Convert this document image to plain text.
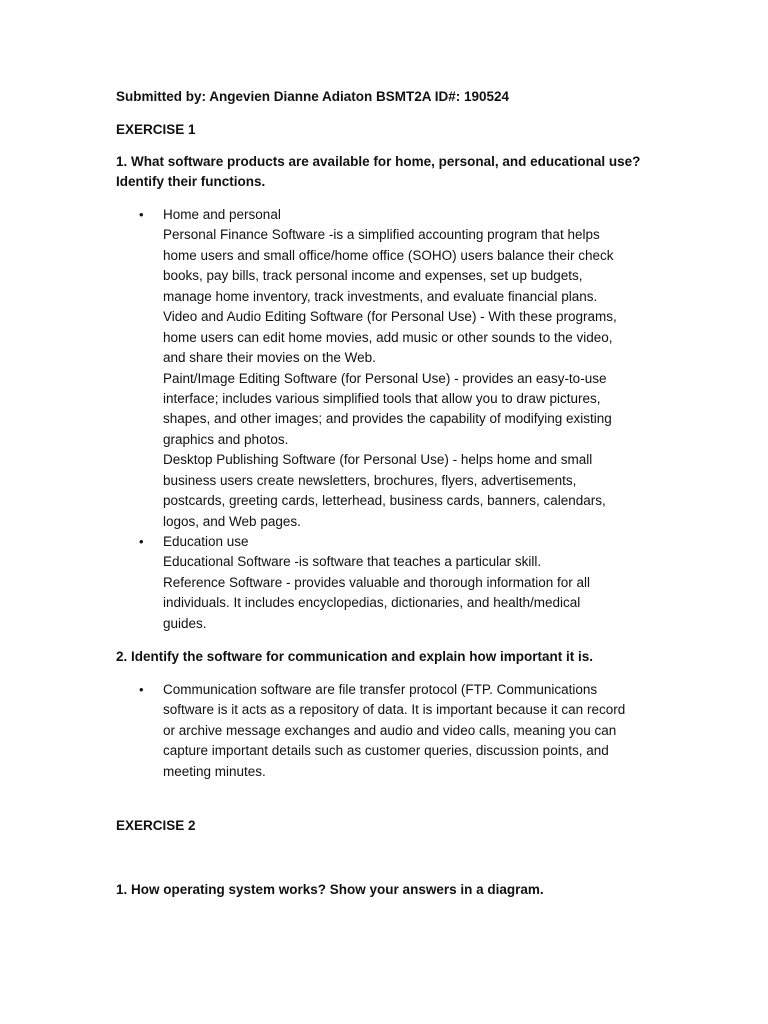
Submitted by: Angevien Dianne Adiaton BSMT2A ID#: 190524
EXERCISE 1
1. What software products are available for home, personal, and educational use?
Identify their functions.
• Home and personal
Personal Finance Software -is a simplified accounting program that helps
home users and small office/home office (SOHO) users balance their check
books, pay bills, track personal income and expenses, set up budgets,
manage home inventory, track investments, and evaluate financial plans.
Video and Audio Editing Software (for Personal Use) - With these programs,
home users can edit home movies, add music or other sounds to the video,
and share their movies on the Web.
Paint/Image Editing Software (for Personal Use) - provides an easy-to-use
interface; includes various simplified tools that allow you to draw pictures,
shapes, and other images; and provides the capability of modifying existing
graphics and photos.
Desktop Publishing Software (for Personal Use) - helps home and small
business users create newsletters, brochures, flyers, advertisements,
postcards, greeting cards, letterhead, business cards, banners, calendars,
logos, and Web pages.
• Education use
Educational Software -is software that teaches a particular skill.
Reference Software - provides valuable and thorough information for all
individuals. It includes encyclopedias, dictionaries, and health/medical
guides.
2. Identify the software for communication and explain how important it is.
• Communication software are file transfer protocol (FTP. Communications
software is it acts as a repository of data. It is important because it can record
or archive message exchanges and audio and video calls, meaning you can
capture important details such as customer queries, discussion points, and
meeting minutes.
EXERCISE 2
1. How operating system works? Show your answers in a diagram.
